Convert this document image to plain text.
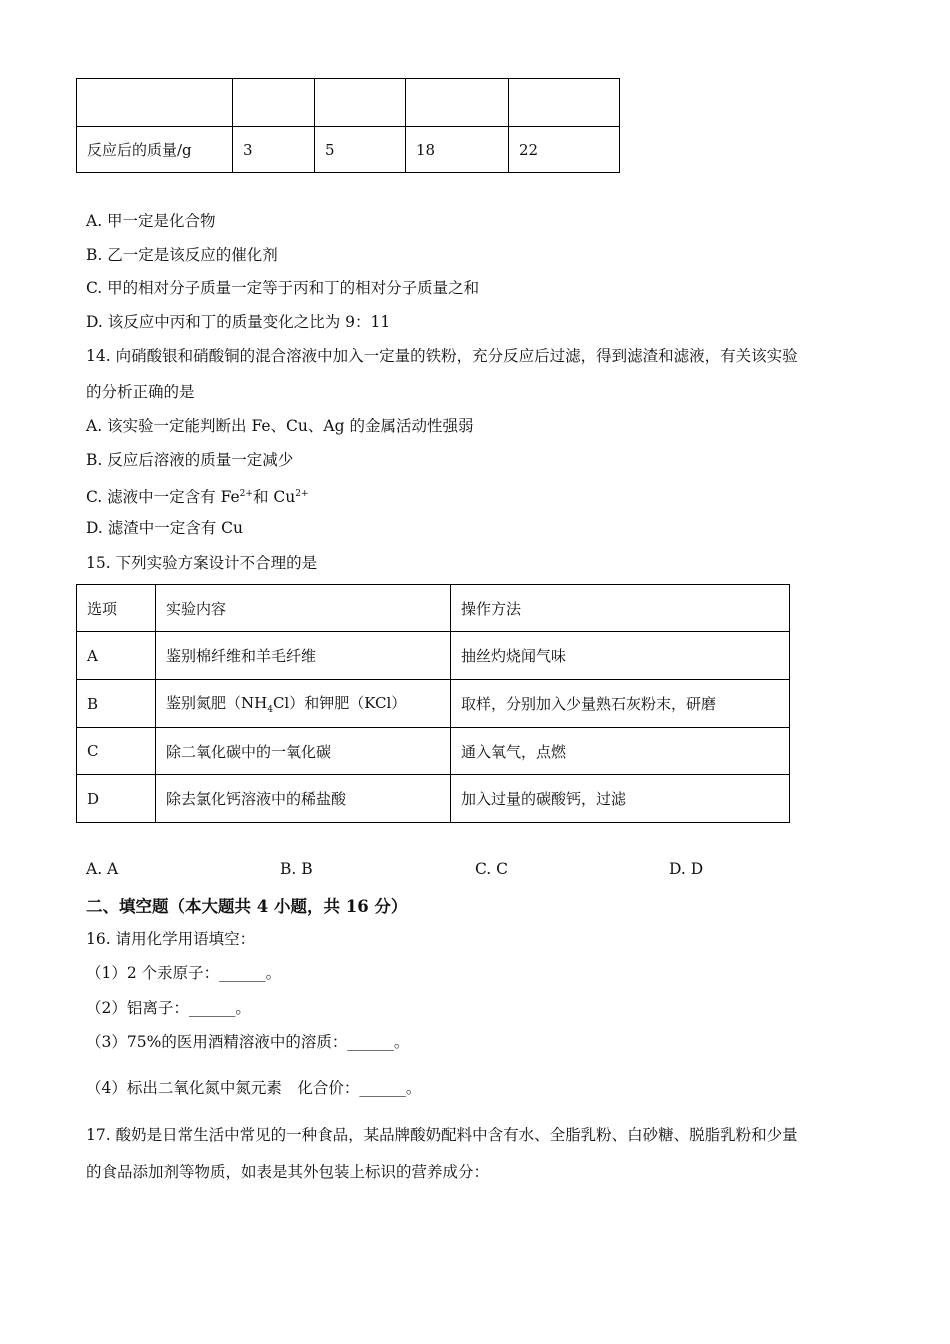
反应后的质量/g	3	5	18	22
A. 甲一定是化合物
B. 乙一定是该反应的催化剂
C. 甲的相对分子质量一定等于丙和丁的相对分子质量之和
D. 该反应中丙和丁的质量变化之比为 9：11
14. 向硝酸银和硝酸铜的混合溶液中加入一定量的铁粉，充分反应后过滤，得到滤渣和滤液，有关该实验
的分析正确的是
A. 该实验一定能判断出 Fe、Cu、Ag 的金属活动性强弱
B. 反应后溶液的质量一定减少
C. 滤液中一定含有 $Fe^{2+}$和 $Cu^{2+}$
D. 滤渣中一定含有 Cu
15. 下列实验方案设计不合理的是
选项	实验内容	操作方法
A	鉴别棉纤维和羊毛纤维	抽丝灼烧闻气味
B	鉴别氮肥$(NH_4Cl)$和钾肥（KCl）	取样，分别加入少量熟石灰粉末，研磨
C	除二氧化碳中的一氧化碳	通入氧气，点燃
D	除去氯化钙溶液中的稀盐酸	加入过量的碳酸钙，过滤
A. A	B. B	C. C	D. D
二、填空题（本大题共 4 小题，共 16 分）
16. 请用化学用语填空：
（1）2 个汞原子：______。
（2）铝离子：______。
（3）75%的医用酒精溶液中的溶质：______。
（4）标出二氧化氮中氮元素　化合价：______。
17. 酸奶是日常生活中常见的一种食品，某品牌酸奶配料中含有水、全脂乳粉、白砂糖、脱脂乳粉和少量
的食品添加剂等物质，如表是其外包装上标识的营养成分：
